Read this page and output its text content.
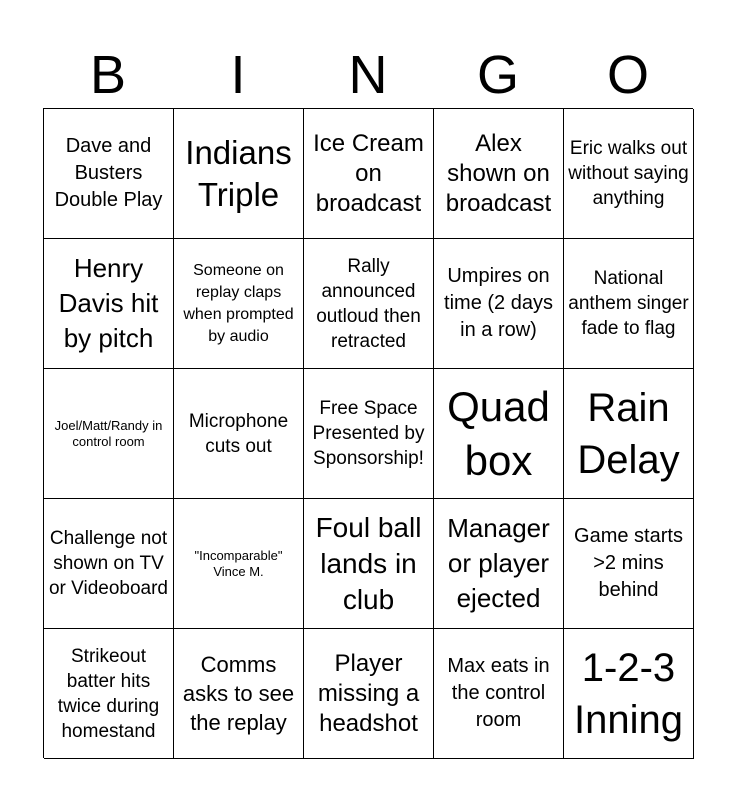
B	I	N	G	O
Dave and Busters Double Play
Indians Triple
Ice Cream on broadcast
Alex shown on broadcast
Eric walks out without saying anything
Henry Davis hit by pitch
Someone on replay claps when prompted by audio
Rally announced outloud then retracted
Umpires on time (2 days in a row)
National anthem singer fade to flag
Joel/Matt/Randy in control room
Microphone cuts out
Free Space Presented by Sponsorship!
Quad box
Rain Delay
Challenge not shown on TV or Videoboard
"Incomparable" Vince M.
Foul ball lands in club
Manager or player ejected
Game starts >2 mins behind
Strikeout batter hits twice during homestand
Comms asks to see the replay
Player missing a headshot
Max eats in the control room
1-2-3 Inning
